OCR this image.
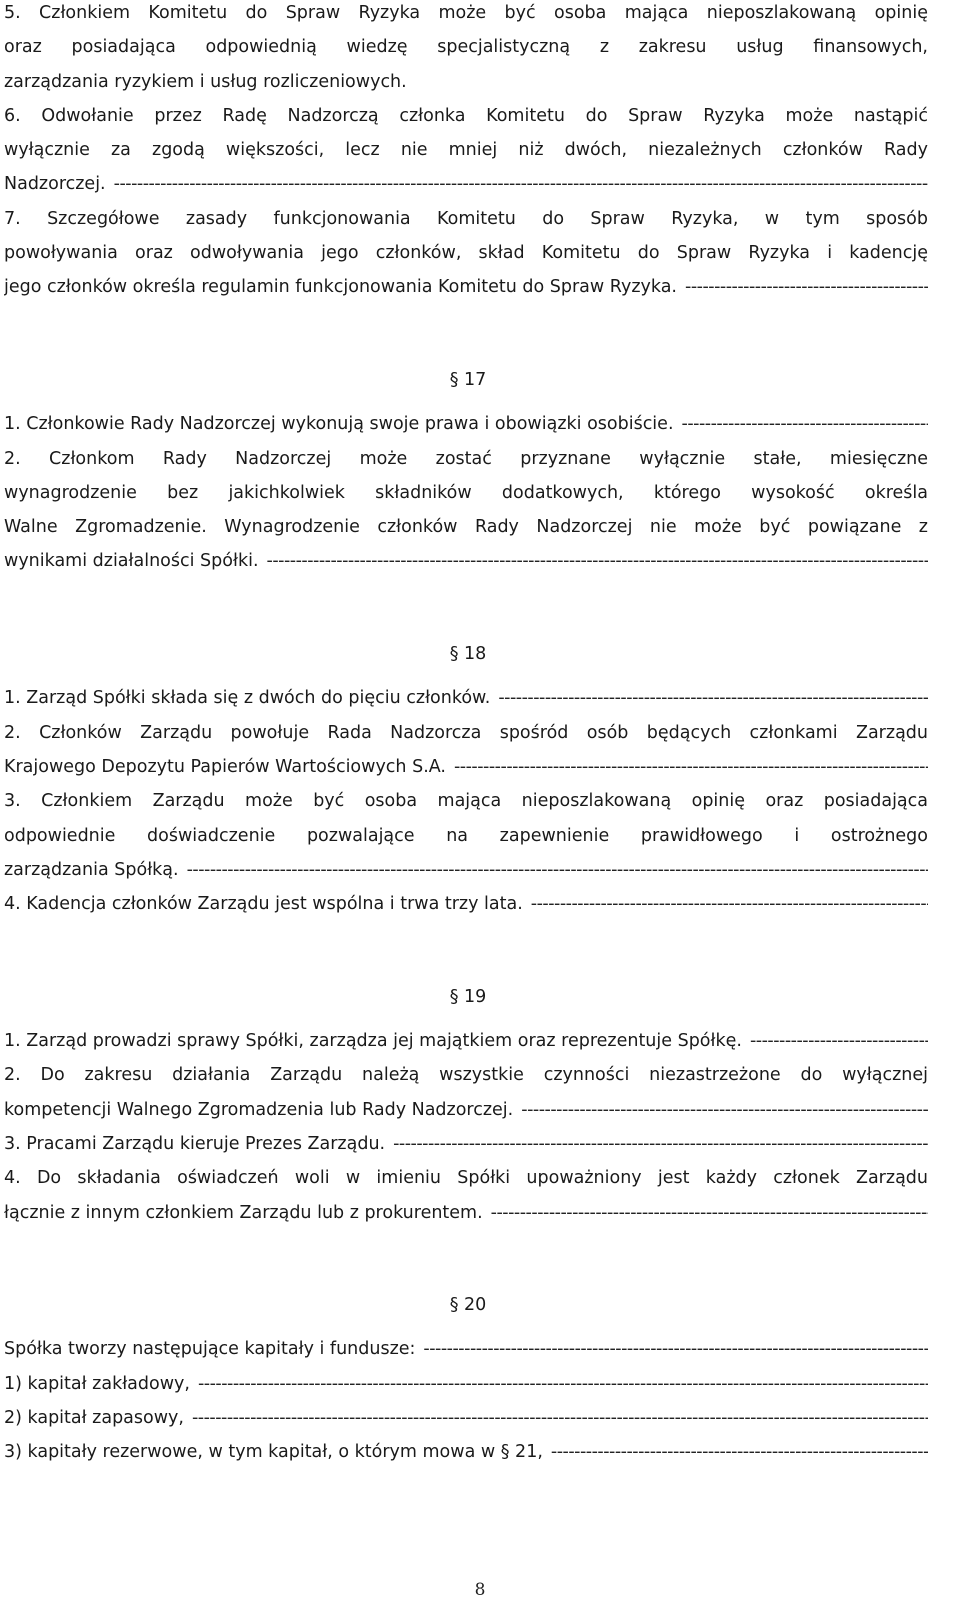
5. Członkiem Komitetu do Spraw Ryzyka może być osoba mająca nieposzlakowaną opinię
oraz posiadająca odpowiednią wiedzę specjalistyczną z zakresu usług finansowych,
zarządzania ryzykiem i usług rozliczeniowych.
6. Odwołanie przez Radę Nadzorczą członka Komitetu do Spraw Ryzyka może nastąpić
wyłącznie za zgodą większości, lecz nie mniej niż dwóch, niezależnych członków Rady
Nadzorczej.
-----
7. Szczegółowe zasady funkcjonowania Komitetu do Spraw Ryzyka, w tym sposób
powoływania oraz odwoływania jego członków, skład Komitetu do Spraw Ryzyka i kadencję
jego członków określa regulamin funkcjonowania Komitetu do Spraw Ryzyka.
-----
§ 17
1. Członkowie Rady Nadzorczej wykonują swoje prawa i obowiązki osobiście.
-----
2. Członkom Rady Nadzorczej może zostać przyznane wyłącznie stałe, miesięczne
wynagrodzenie bez jakichkolwiek składników dodatkowych, którego wysokość określa
Walne Zgromadzenie. Wynagrodzenie członków Rady Nadzorczej nie może być powiązane z
wynikami działalności Spółki.
-----
§ 18
1. Zarząd Spółki składa się z dwóch do pięciu członków.
-----
2. Członków Zarządu powołuje Rada Nadzorcza spośród osób będących członkami Zarządu
Krajowego Depozytu Papierów Wartościowych S.A.
-----
3. Członkiem Zarządu może być osoba mająca nieposzlakowaną opinię oraz posiadająca
odpowiednie doświadczenie pozwalające na zapewnienie prawidłowego i ostrożnego
zarządzania Spółką.
-----
4. Kadencja członków Zarządu jest wspólna i trwa trzy lata.
-----
§ 19
1. Zarząd prowadzi sprawy Spółki, zarządza jej majątkiem oraz reprezentuje Spółkę.
-----
2. Do zakresu działania Zarządu należą wszystkie czynności niezastrzeżone do wyłącznej
kompetencji Walnego Zgromadzenia lub Rady Nadzorczej.
-----
3. Pracami Zarządu kieruje Prezes Zarządu.
-----
4. Do składania oświadczeń woli w imieniu Spółki upoważniony jest każdy członek Zarządu
łącznie z innym członkiem Zarządu lub z prokurentem.
-----
§ 20
Spółka tworzy następujące kapitały i fundusze:
-----
1) kapitał zakładowy,
-----
2) kapitał zapasowy,
-----
3) kapitały rezerwowe, w tym kapitał, o którym mowa w § 21,
-----
8
